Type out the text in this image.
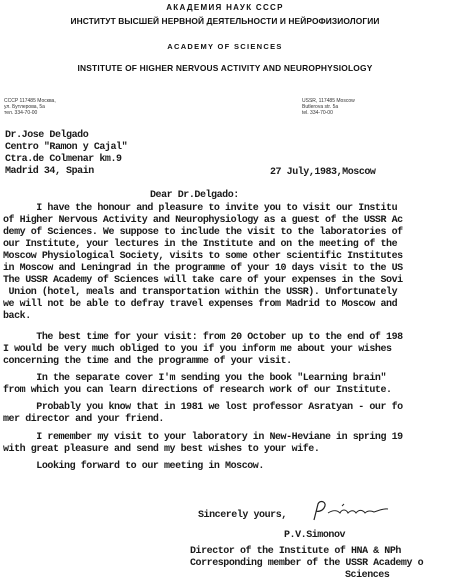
АКАДЕМИЯ НАУК СССР
ИНСТИТУТ ВЫСШЕЙ НЕРВНОЙ ДЕЯТЕЛЬНОСТИ И НЕЙРОФИЗИОЛОГИИ
ACADEMY OF SCIENCES
INSTITUTE OF HIGHER NERVOUS ACTIVITY AND NEUROPHYSIOLOGY
СССР 117485 Москва,
ул. Бутлерова, 5а
тел. 334-70-00
USSR, 117485 Moscow
Butlerova str. 5a
tel. 334-70-00
Dr.Jose Delgado
Centro "Ramon y Cajal"
Ctra.de Colmenar km.9
Madrid 34, Spain	27 July,1983,Moscow
Dear Dr.Delgado:
I have the honour and pleasure to invite you to visit our Institu
of Higher Nervous Activity and Neurophysiology as a guest of the USSR Ac
demy of Sciences. We suppose to include the visit to the laboratories of
our Institute, your lectures in the Institute and on the meeting of the
Moscow Physiological Society, visits to some other scientific Institutes
in Moscow and Leningrad in the programme of your 10 days visit to the US
The USSR Academy of Sciences will take care of your expenses in the Sovi
Union (hotel, meals and transportation within the USSR). Unfortunately
we will not be able to defray travel expenses from Madrid to Moscow and
back.
The best time for your visit: from 20 October up to the end of 198
I would be very much obliged to you if you inform me about your wishes
concerning the time and the programme of your visit.
In the separate cover I'm sending you the book "Learning brain"
from which you can learn directions of research work of our Institute.
Probably you know that in 1981 we lost professor Asratyan - our fo
mer director and your friend.
I remember my visit to your laboratory in New-Heviane in spring 19
with great pleasure and send my best wishes to your wife.
Looking forward to our meeting in Moscow.
Sincerely yours,
P.V.Simonov
Director of the Institute of HNA & NPh
Corresponding member of the USSR Academy o
Sciences
